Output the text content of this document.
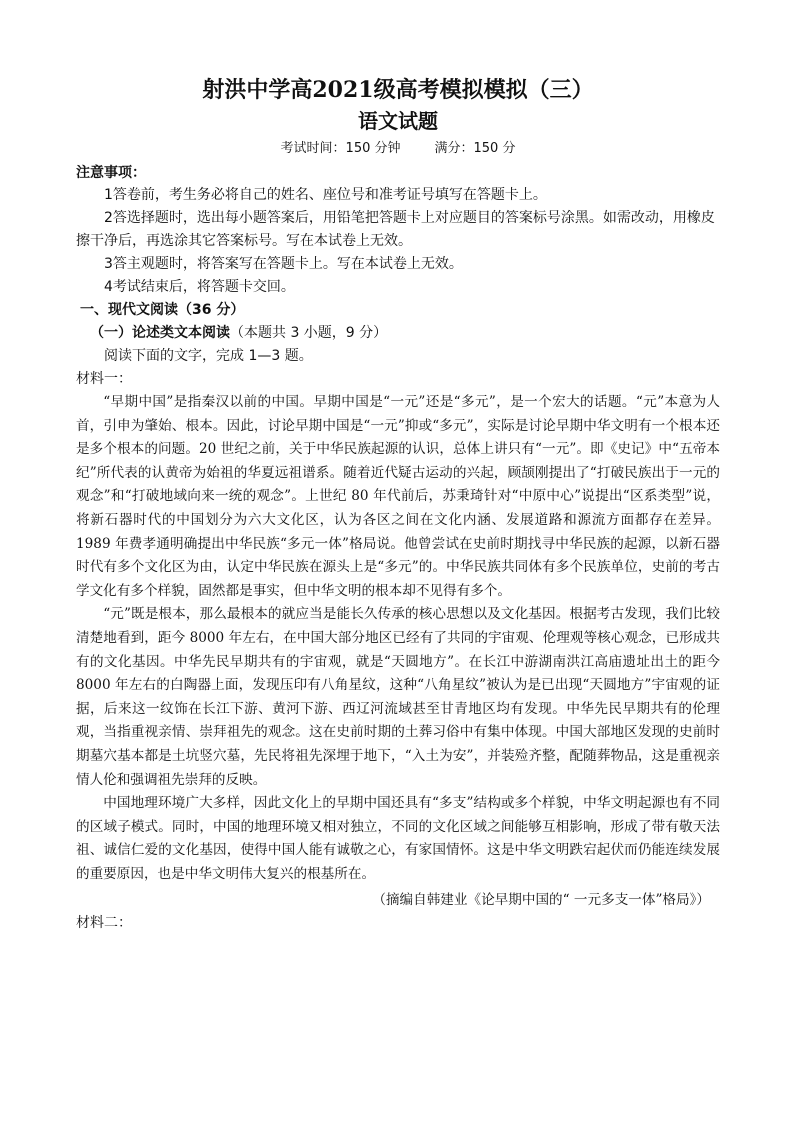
射洪中学高2021级高考模拟模拟（三）
语文试题
考试时间：150 分钟	满分：150 分

注意事项：

1答卷前，考生务必将自己的姓名、座位号和准考证号填写在答题卡上。

2答选择题时，选出每小题答案后，用铅笔把答题卡上对应题目的答案标号涂黑。如需改动，用橡皮擦干净后，再选涂其它答案标号。写在本试卷上无效。

3答主观题时，将答案写在答题卡上。写在本试卷上无效。

4考试结束后，将答题卡交回。

一、现代文阅读（36 分）

（一）论述类文本阅读（本题共 3 小题，9 分）

阅读下面的文字，完成 1—3 题。

材料一：

“早期中国”是指秦汉以前的中国。早期中国是“一元”还是“多元”，是一个宏大的话题。“元”本意为人首，引申为肇始、根本。因此，讨论早期中国是“一元”抑或“多元”，实际是讨论早期中华文明有一个根本还是多个根本的问题。20 世纪之前，关于中华民族起源的认识，总体上讲只有“一元”。即《史记》中“五帝本纪”所代表的认黄帝为始祖的华夏远祖谱系。随着近代疑古运动的兴起，顾颉刚提出了“打破民族出于一元的观念”和“打破地域向来一统的观念”。上世纪 80 年代前后，苏秉琦针对“中原中心”说提出“区系类型”说，将新石器时代的中国划分为六大文化区，认为各区之间在文化内涵、发展道路和源流方面都存在差异。1989 年费孝通明确提出中华民族“多元一体”格局说。他曾尝试在史前时期找寻中华民族的起源，以新石器时代有多个文化区为由，认定中华民族在源头上是“多元”的。中华民族共同体有多个民族单位，史前的考古学文化有多个样貌，固然都是事实，但中华文明的根本却不见得有多个。

“元”既是根本，那么最根本的就应当是能长久传承的核心思想以及文化基因。根据考古发现，我们比较清楚地看到，距今 8000 年左右，在中国大部分地区已经有了共同的宇宙观、伦理观等核心观念，已形成共有的文化基因。中华先民早期共有的宇宙观，就是“天圆地方”。在长江中游湖南洪江高庙遗址出土的距今 8000 年左右的白陶器上面，发现压印有八角星纹，这种“八角星纹”被认为是已出现“天圆地方”宇宙观的证据，后来这一纹饰在长江下游、黄河下游、西辽河流域甚至甘青地区均有发现。中华先民早期共有的伦理观，当指重视亲情、崇拜祖先的观念。这在史前时期的土葬习俗中有集中体现。中国大部地区发现的史前时期墓穴基本都是土坑竖穴墓，先民将祖先深埋于地下，“入土为安”，并装殓齐整，配随葬物品，这是重视亲情人伦和强调祖先崇拜的反映。

中国地理环境广大多样，因此文化上的早期中国还具有“多支”结构或多个样貌，中华文明起源也有不同的区域子模式。同时，中国的地理环境又相对独立，不同的文化区域之间能够互相影响，形成了带有敬天法祖、诚信仁爱的文化基因，使得中国人能有诚敬之心，有家国情怀。这是中华文明跌宕起伏而仍能连续发展的重要原因，也是中华文明伟大复兴的根基所在。

（摘编自韩建业《论早期中国的“ 一元多支一体”格局》）

材料二：
